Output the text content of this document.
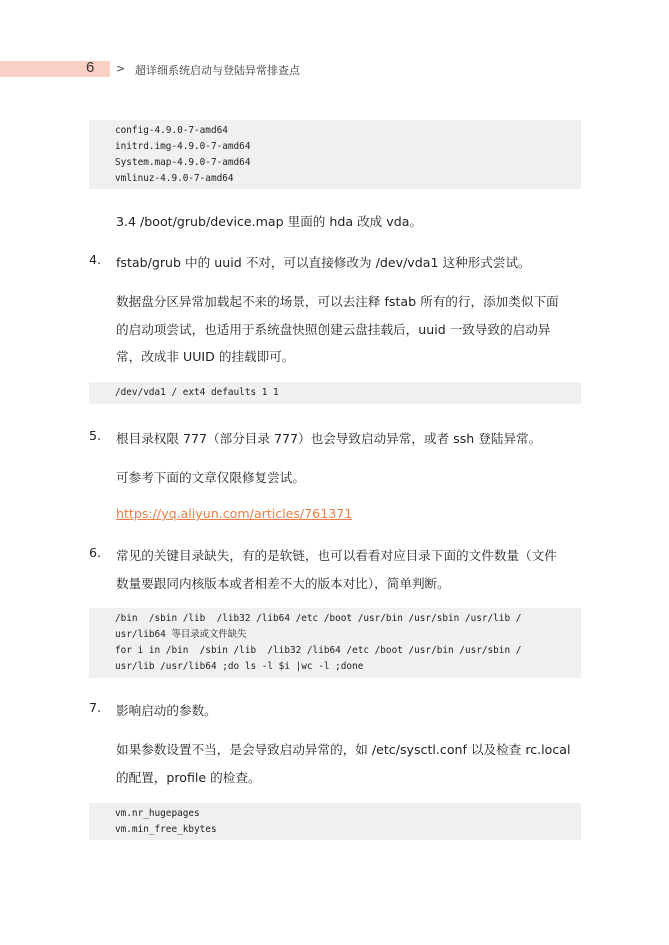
6 > 超详细系统启动与登陆异常排查点
config-4.9.0-7-amd64
initrd.img-4.9.0-7-amd64
System.map-4.9.0-7-amd64
vmlinuz-4.9.0-7-amd64
3.4 /boot/grub/device.map 里面的 hda 改成 vda。
4. fstab/grub 中的 uuid 不对，可以直接修改为 /dev/vda1 这种形式尝试。
数据盘分区异常加载起不来的场景，可以去注释 fstab 所有的行，添加类似下面
的启动项尝试，也适用于系统盘快照创建云盘挂载后，uuid 一致导致的启动异
常，改成非 UUID 的挂载即可。
/dev/vda1 / ext4 defaults 1 1
5. 根目录权限 777（部分目录 777）也会导致启动异常，或者 ssh 登陆异常。
可参考下面的文章仅限修复尝试。
https://yq.aliyun.com/articles/761371
6. 常见的关键目录缺失，有的是软链，也可以看看对应目录下面的文件数量（文件
数量要跟同内核版本或者相差不大的版本对比），简单判断。
/bin  /sbin /lib  /lib32 /lib64 /etc /boot /usr/bin /usr/sbin /usr/lib /
usr/lib64 等目录或文件缺失
for i in /bin  /sbin /lib  /lib32 /lib64 /etc /boot /usr/bin /usr/sbin /
usr/lib /usr/lib64 ;do ls -l $i |wc -l ;done
7. 影响启动的参数。
如果参数设置不当，是会导致启动异常的，如 /etc/sysctl.conf 以及检查 rc.local
的配置，profile 的检查。
vm.nr_hugepages
vm.min_free_kbytes
